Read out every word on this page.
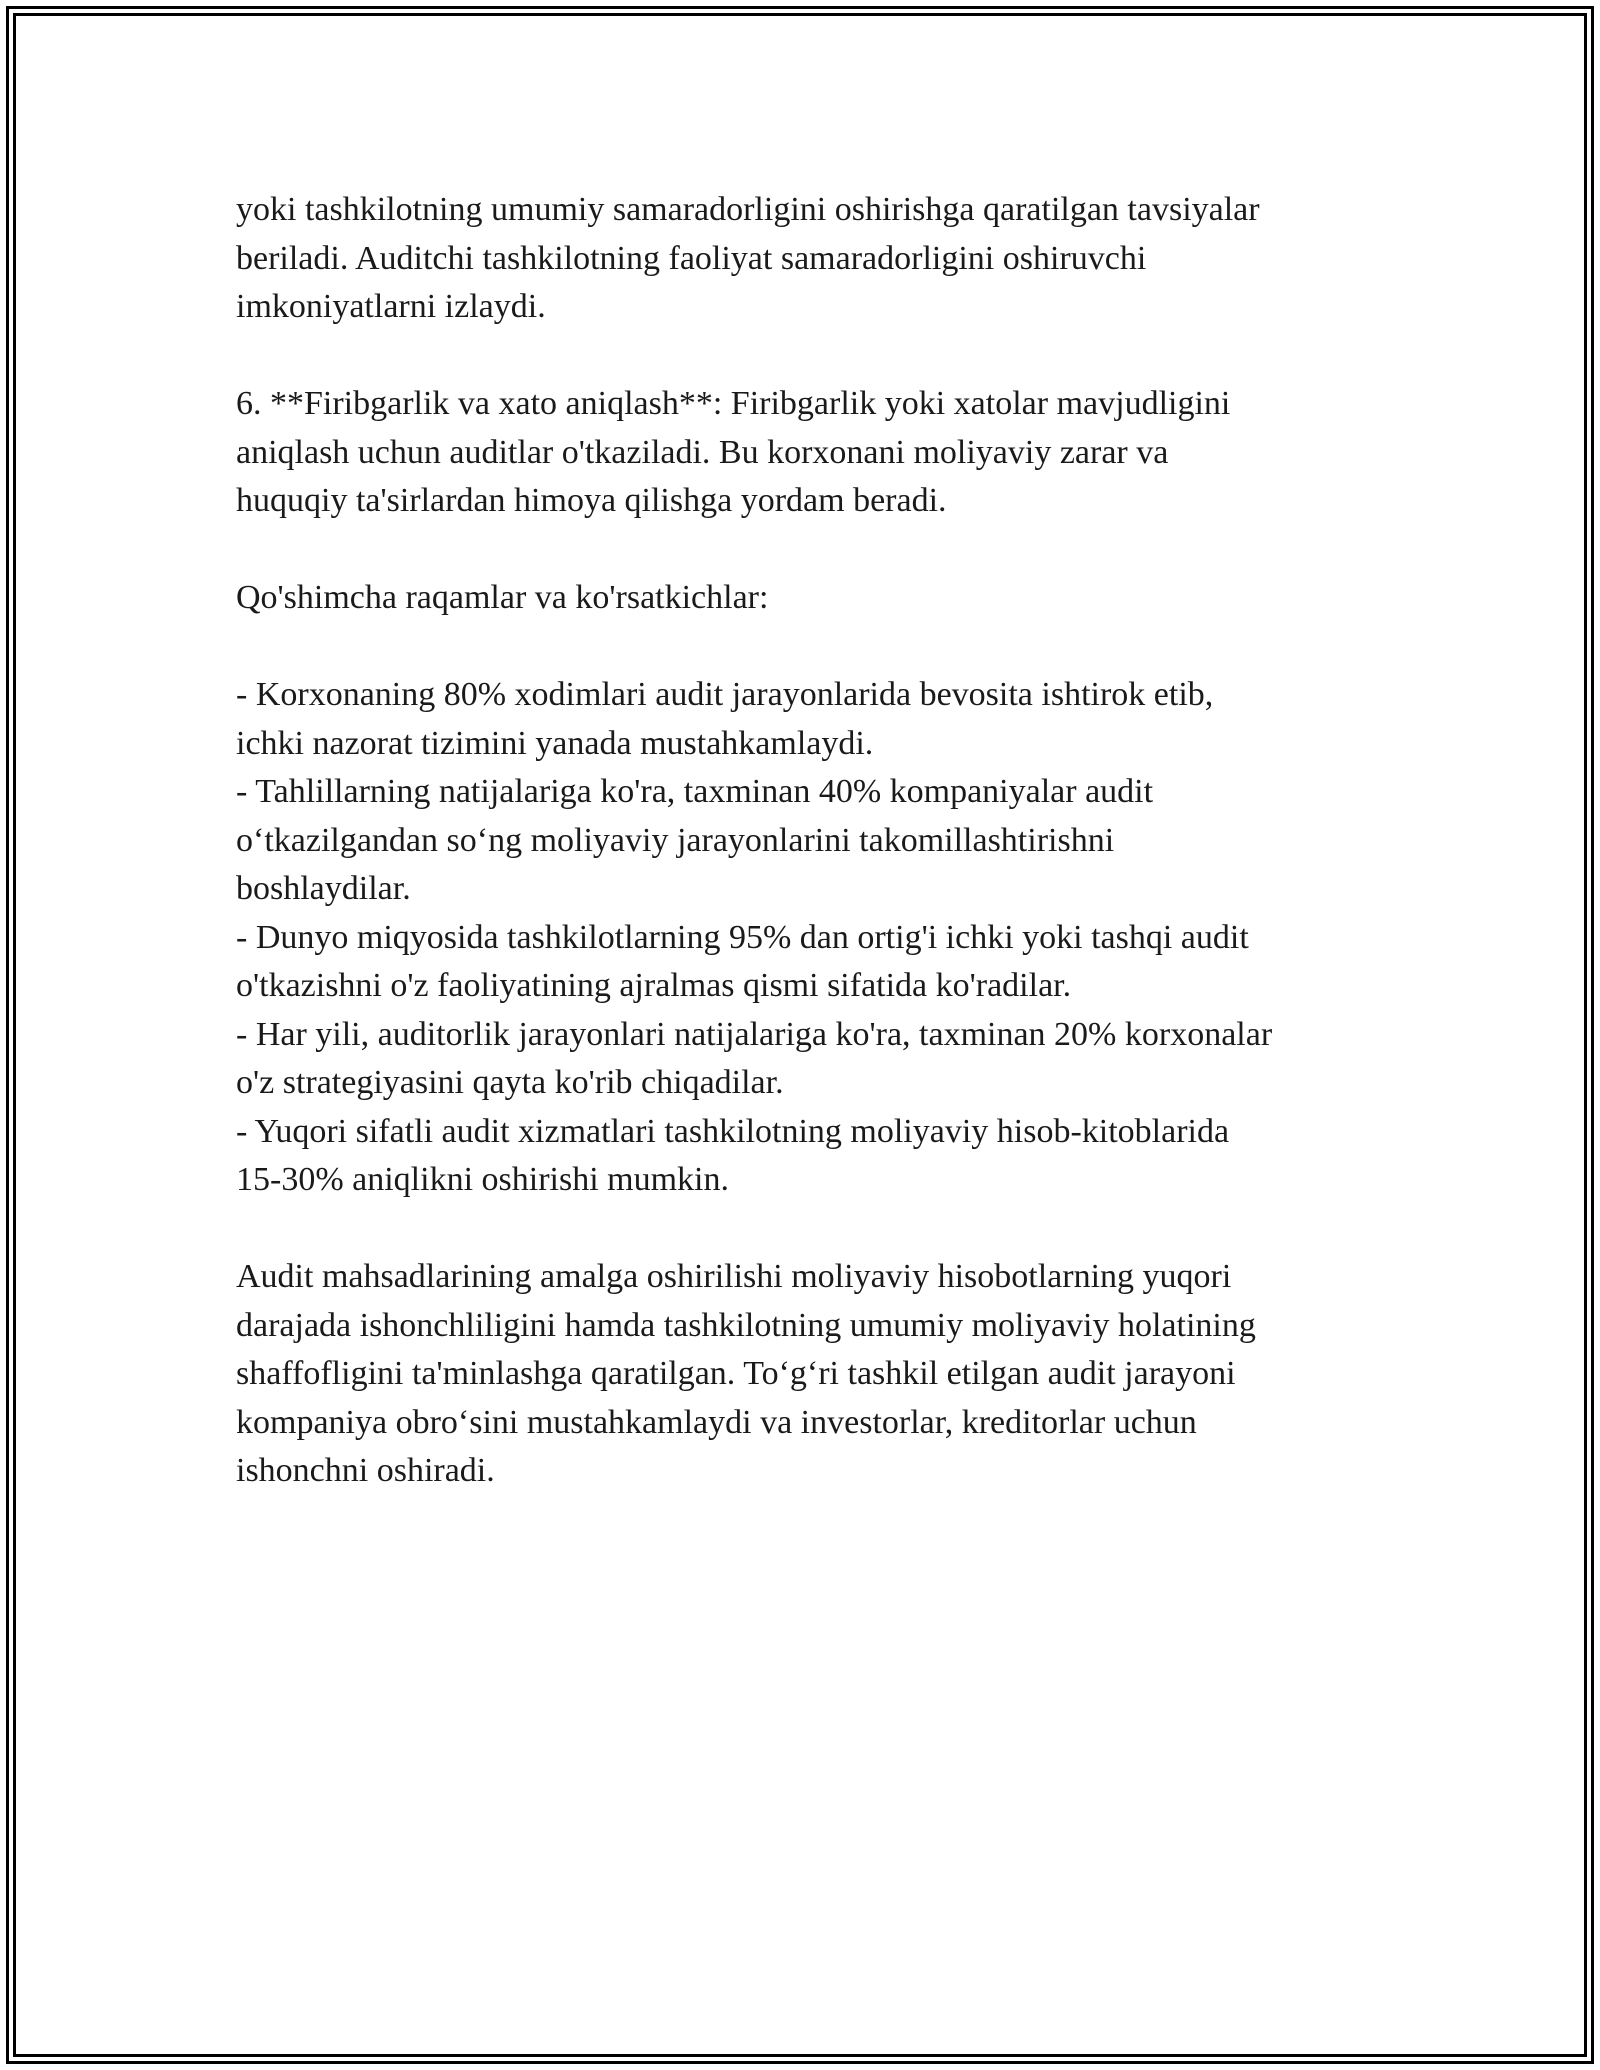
yoki tashkilotning umumiy samaradorligini oshirishga qaratilgan tavsiyalar

beriladi. Auditchi tashkilotning faoliyat samaradorligini oshiruvchi

imkoniyatlarni izlaydi.

6. **Firibgarlik va xato aniqlash**: Firibgarlik yoki xatolar mavjudligini

aniqlash uchun auditlar o'tkaziladi. Bu korxonani moliyaviy zarar va

huquqiy ta'sirlardan himoya qilishga yordam beradi.

Qo'shimcha raqamlar va ko'rsatkichlar:

- Korxonaning 80% xodimlari audit jarayonlarida bevosita ishtirok etib,

ichki nazorat tizimini yanada mustahkamlaydi.

- Tahlillarning natijalariga ko'ra, taxminan 40% kompaniyalar audit

o‘tkazilgandan so‘ng moliyaviy jarayonlarini takomillashtirishni

boshlaydilar.

- Dunyo miqyosida tashkilotlarning 95% dan ortig'i ichki yoki tashqi audit

o'tkazishni o'z faoliyatining ajralmas qismi sifatida ko'radilar.

- Har yili, auditorlik jarayonlari natijalariga ko'ra, taxminan 20% korxonalar

o'z strategiyasini qayta ko'rib chiqadilar.

- Yuqori sifatli audit xizmatlari tashkilotning moliyaviy hisob-kitoblarida

15-30% aniqlikni oshirishi mumkin.

Audit mahsadlarining amalga oshirilishi moliyaviy hisobotlarning yuqori

darajada ishonchliligini hamda tashkilotning umumiy moliyaviy holatining

shaffofligini ta'minlashga qaratilgan. To‘g‘ri tashkil etilgan audit jarayoni

kompaniya obro‘sini mustahkamlaydi va investorlar, kreditorlar uchun

ishonchni oshiradi.
